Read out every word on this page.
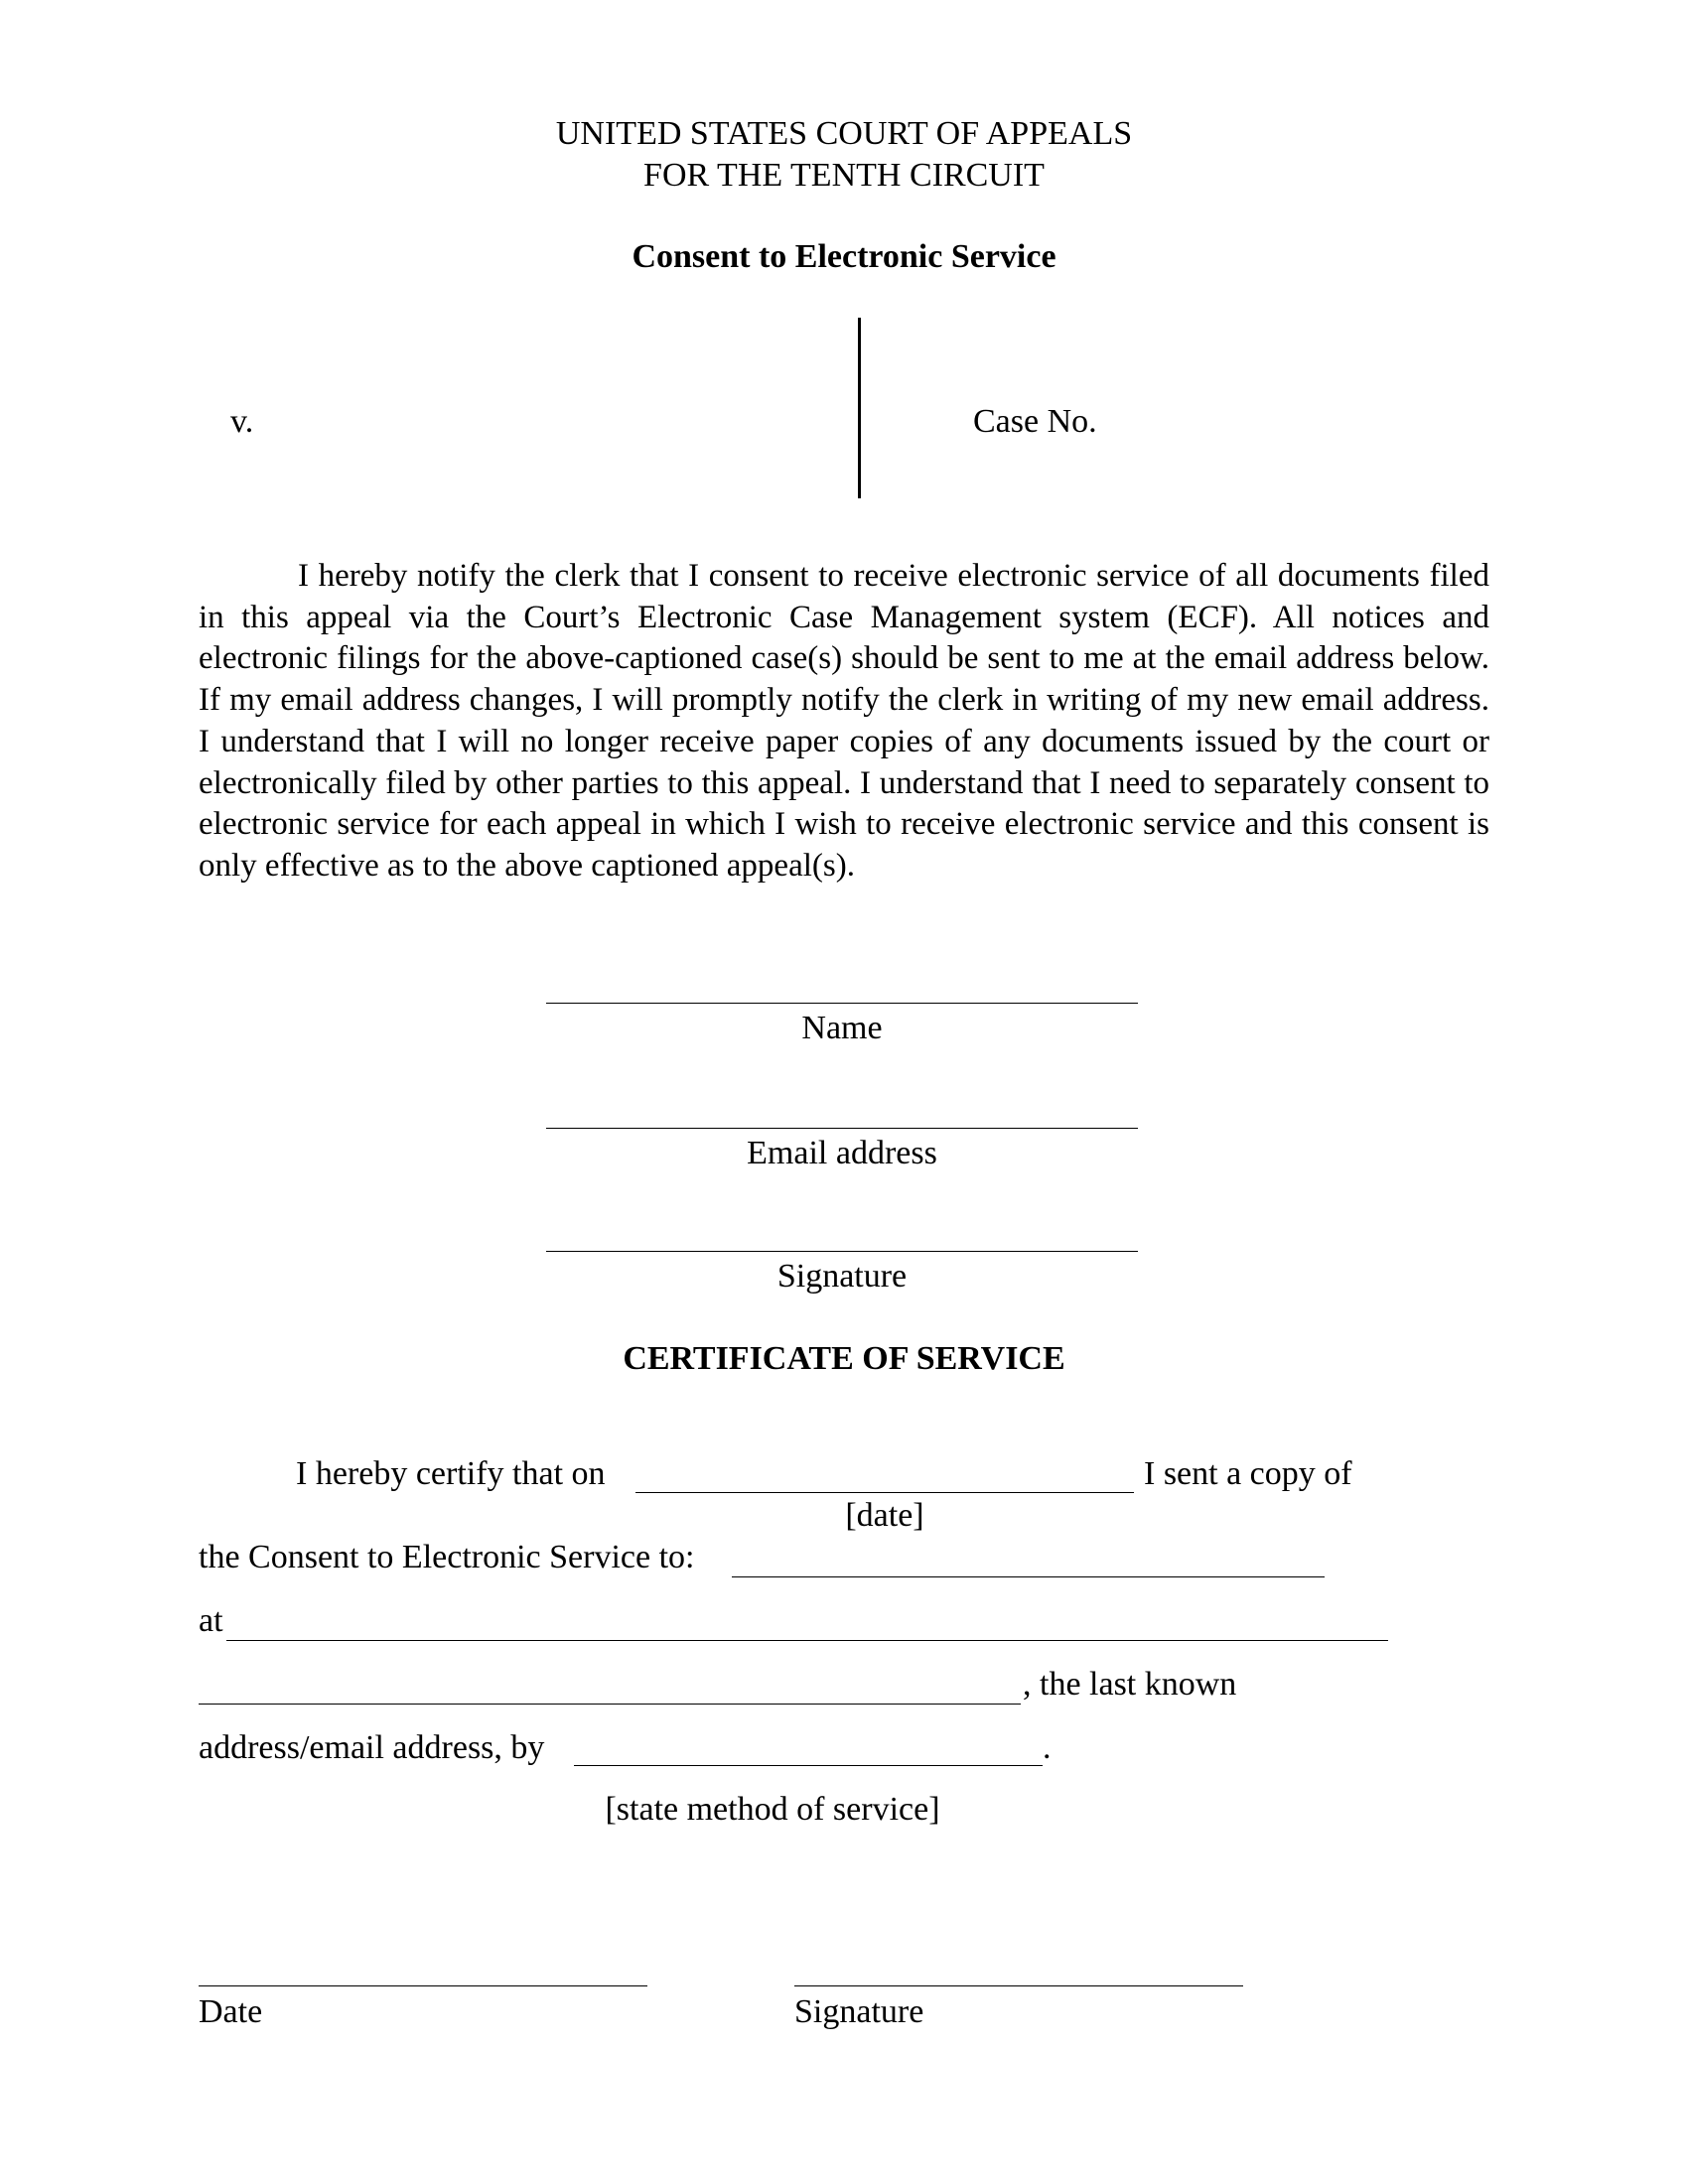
UNITED STATES COURT OF APPEALS
FOR THE TENTH CIRCUIT
Consent to Electronic Service
v.	Case No.

I hereby notify the clerk that I consent to receive electronic service of all documents filed in this appeal via the Court’s Electronic Case Management system (ECF). All notices and electronic filings for the above-captioned case(s) should be sent to me at the email address below. If my email address changes, I will promptly notify the clerk in writing of my new email address. I understand that I will no longer receive paper copies of any documents issued by the court or electronically filed by other parties to this appeal. I understand that I need to separately consent to electronic service for each appeal in which I wish to receive electronic service and this consent is only effective as to the above captioned appeal(s).

Name
Email address
Signature
CERTIFICATE OF SERVICE
I hereby certify that on	I sent a copy of
[date]
the Consent to Electronic Service to:
at
, the last known
address/email address, by	.
[state method of service]
Date	Signature
